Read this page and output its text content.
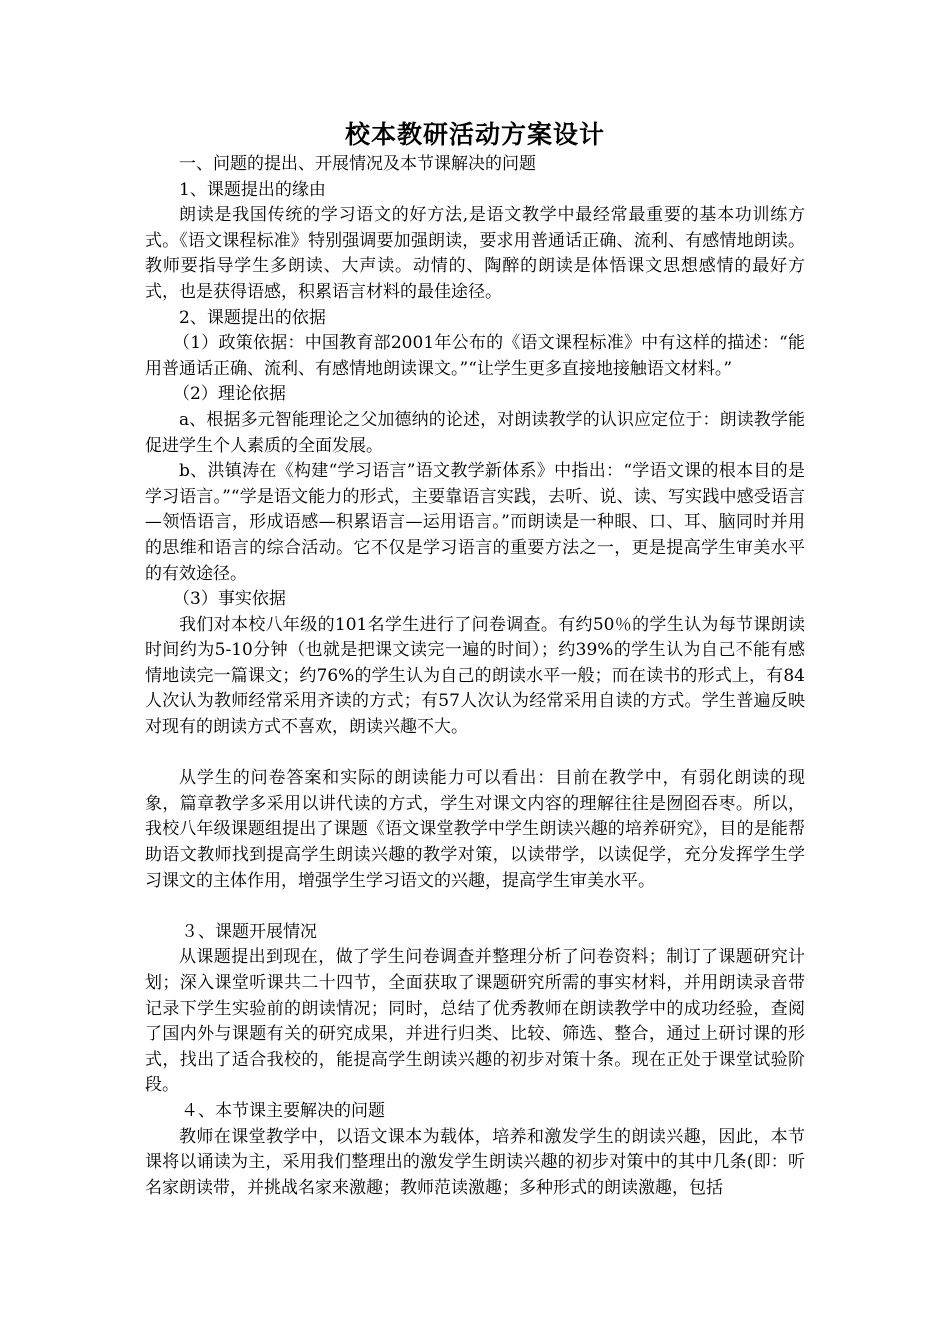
校本教研活动方案设计

一、问题的提出、开展情况及本节课解决的问题

1、课题提出的缘由

朗读是我国传统的学习语文的好方法,是语文教学中最经常最重要的基本功训练方式。《语文课程标准》特别强调要加强朗读，要求用普通话正确、流利、有感情地朗读。教师要指导学生多朗读、大声读。动情的、陶醉的朗读是体悟课文思想感情的最好方式，也是获得语感，积累语言材料的最佳途径。

2、课题提出的依据

（1）政策依据：中国教育部2001年公布的《语文课程标准》中有这样的描述：“能用普通话正确、流利、有感情地朗读课文。”“让学生更多直接地接触语文材料。”

（2）理论依据

a、根据多元智能理论之父加德纳的论述，对朗读教学的认识应定位于：朗读教学能促进学生个人素质的全面发展。

b、洪镇涛在《构建“学习语言”语文教学新体系》中指出：“学语文课的根本目的是学习语言。”“学是语文能力的形式，主要靠语言实践，去听、说、读、写实践中感受语言—领悟语言，形成语感—积累语言—运用语言。”而朗读是一种眼、口、耳、脑同时并用的思维和语言的综合活动。它不仅是学习语言的重要方法之一，更是提高学生审美水平的有效途径。

（3）事实依据

我们对本校八年级的101名学生进行了问卷调查。有约50％的学生认为每节课朗读时间约为5-10分钟（也就是把课文读完一遍的时间）；约39%的学生认为自己不能有感情地读完一篇课文；约76%的学生认为自己的朗读水平一般；而在读书的形式上，有84人次认为教师经常采用齐读的方式；有57人次认为经常采用自读的方式。学生普遍反映对现有的朗读方式不喜欢，朗读兴趣不大。

从学生的问卷答案和实际的朗读能力可以看出：目前在教学中，有弱化朗读的现象，篇章教学多采用以讲代读的方式，学生对课文内容的理解往往是囫囵吞枣。所以，我校八年级课题组提出了课题《语文课堂教学中学生朗读兴趣的培养研究》，目的是能帮助语文教师找到提高学生朗读兴趣的教学对策，以读带学，以读促学，充分发挥学生学习课文的主体作用，增强学生学习语文的兴趣，提高学生审美水平。

３、课题开展情况

从课题提出到现在，做了学生问卷调查并整理分析了问卷资料；制订了课题研究计划；深入课堂听课共二十四节，全面获取了课题研究所需的事实材料，并用朗读录音带记录下学生实验前的朗读情况；同时，总结了优秀教师在朗读教学中的成功经验，查阅了国内外与课题有关的研究成果，并进行归类、比较、筛选、整合，通过上研讨课的形式，找出了适合我校的，能提高学生朗读兴趣的初步对策十条。现在正处于课堂试验阶段。

４、本节课主要解决的问题

教师在课堂教学中，以语文课本为载体，培养和激发学生的朗读兴趣，因此，本节课将以诵读为主，采用我们整理出的激发学生朗读兴趣的初步对策中的其中几条(即：听名家朗读带，并挑战名家来激趣；教师范读激趣；多种形式的朗读激趣，包括
